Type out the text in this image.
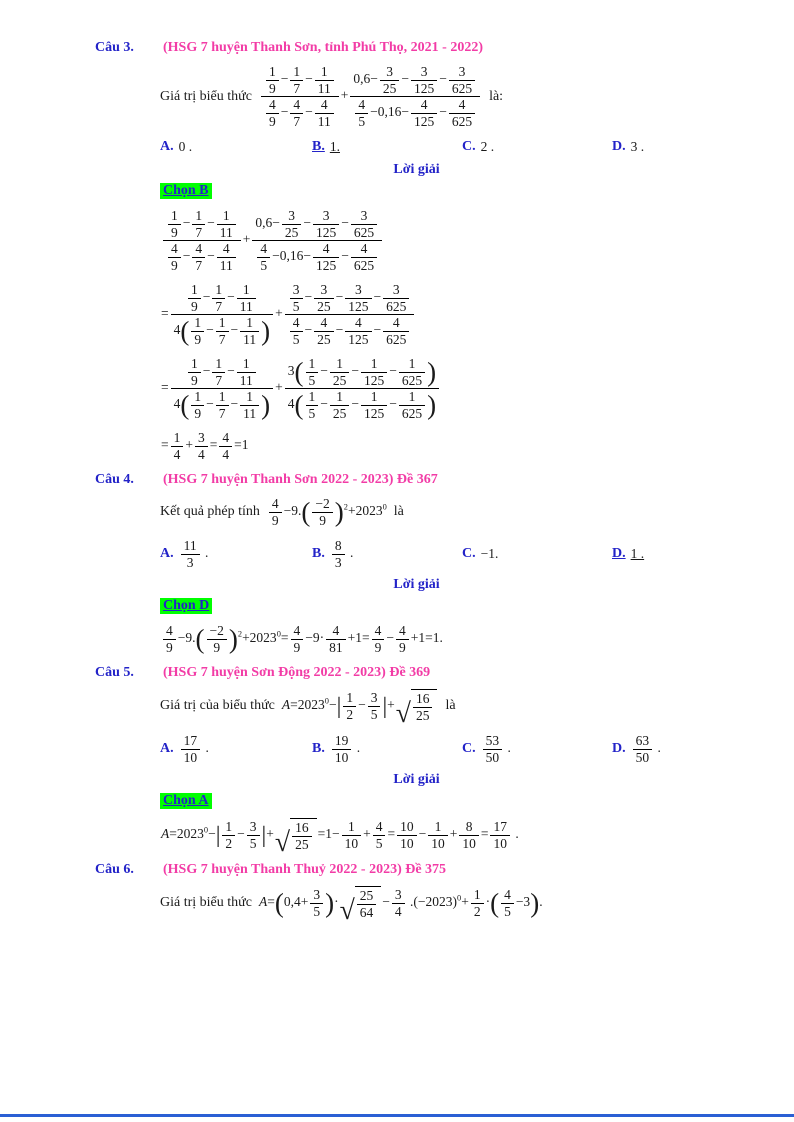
Câu 3.	(HSG 7 huyện Thanh Sơn, tỉnh Phú Thọ, 2021 - 2022)
Giá trị biểu thức $\frac{\frac{1}{9} - \frac{1}{7} - \frac{1}{11}}{\frac{4}{9} - \frac{4}{7} - \frac{4}{11}} + \frac{0,6- \frac{3}{25} - \frac{3}{125} - \frac{3}{625}}{\frac{4}{5} -0,16- \frac{4}{125} - \frac{4}{625}}$ là:
A. 0 .	B. 1.	C. 2 .	D. 3 .
Lời giải
Chọn B
$\frac{\frac{1}{9} - \frac{1}{7} - \frac{1}{11}}{\frac{4}{9} - \frac{4}{7} - \frac{4}{11}} + \frac{0,6- \frac{3}{25} - \frac{3}{125} - \frac{3}{625}}{\frac{4}{5} -0,16- \frac{4}{125} - \frac{4}{625}}$
= $\frac{\frac{1}{9} - \frac{1}{7} - \frac{1}{11}}{4( \frac{1}{9} - \frac{1}{7} - \frac{1}{11} )} + \frac{\frac{3}{5} - \frac{3}{25} - \frac{3}{125} - \frac{3}{625}}{\frac{4}{5} - \frac{4}{25} - \frac{4}{125} - \frac{4}{625}}$
= $\frac{\frac{1}{9} - \frac{1}{7} - \frac{1}{11}}{4( \frac{1}{9} - \frac{1}{7} - \frac{1}{11} )} + \frac{3( \frac{1}{5} - \frac{1}{25} - \frac{1}{125} - \frac{1}{625} )}{4( \frac{1}{5} - \frac{1}{25} - \frac{1}{125} - \frac{1}{625} )}$
= $\frac{1}{4} + \frac{3}{4} = \frac{4}{4} =1$
Câu 4.	(HSG 7 huyện Thanh Sơn 2022 - 2023) Đề 367
Kết quả phép tính $\frac{4}{9} -9.( \frac{-2}{9} )^2+2023^0$ là
A. $\frac{11}{3}$ .	B. $\frac{8}{3}$ .	C. −1.	D. 1 .
Lời giải
Chọn D
$\frac{4}{9} -9.( \frac{-2}{9} )^2+2023^0= \frac{4}{9} -9\cdot \frac{4}{81} +1= \frac{4}{9} - \frac{4}{9} +1=1$.
Câu 5.	(HSG 7 huyện Sơn Động 2022 - 2023) Đề 369
Giá trị của biểu thức $A=2023^0-| \frac{1}{2} - \frac{3}{5}$ |+ √ $\frac{16}{25}$ là
A. $\frac{17}{10}$ .	B. $\frac{19}{10}$ .	C. $\frac{53}{50}$ .	D. $\frac{63}{50}$ .
Lời giải
Chọn A
$A=2023^0-| \frac{1}{2} - \frac{3}{5}$ |+ √ $\frac{16}{25} =1- \frac{1}{10} + \frac{4}{5} = \frac{10}{10} - \frac{1}{10} + \frac{8}{10} = \frac{17}{10}$ .
Câu 6.	(HSG 7 huyện Thanh Thuỷ 2022 - 2023) Đề 375
Giá trị biểu thức $A=(0,4+ \frac{3}{5}$ )· √ $\frac{25}{64} - \frac{3}{4} .(-2023)^0+ \frac{1}{2}$ ·( $\frac{4}{5} -3$).
